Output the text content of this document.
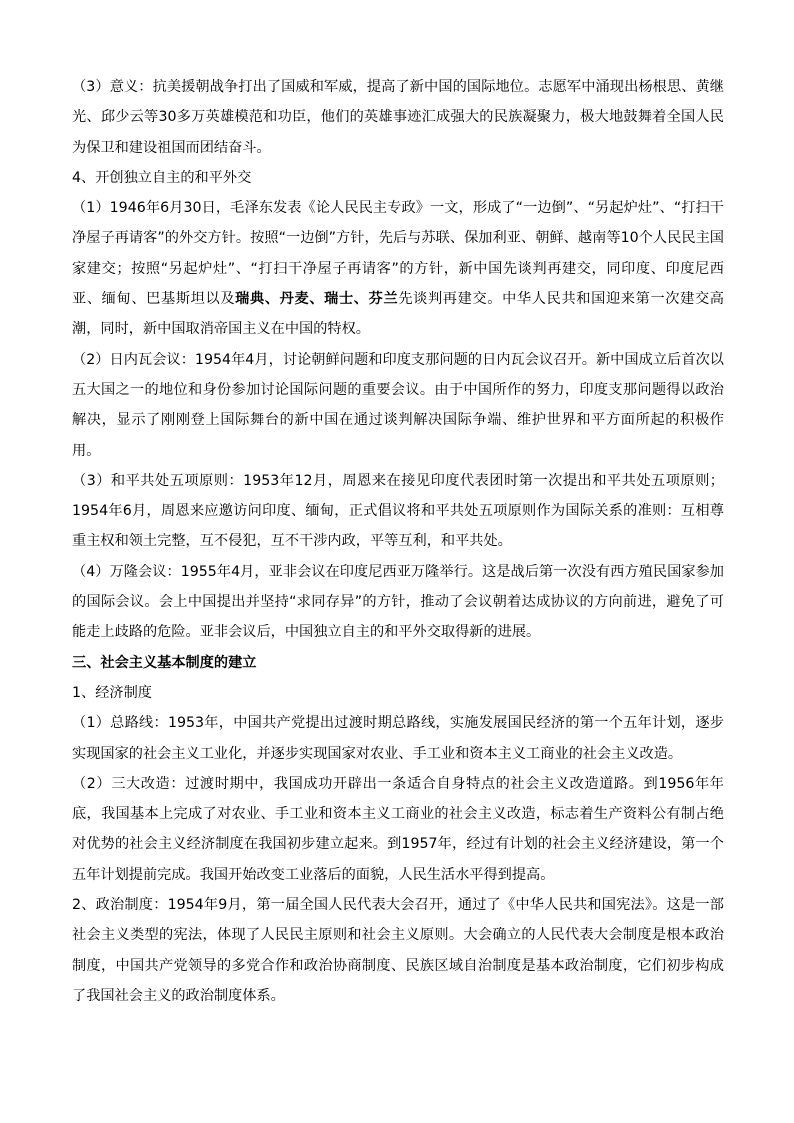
（3）意义：抗美援朝战争打出了国威和军威，提高了新中国的国际地位。志愿军中涌现出杨根思、黄继光、邱少云等30多万英雄模范和功臣，他们的英雄事迹汇成强大的民族凝聚力，极大地鼓舞着全国人民为保卫和建设祖国而团结奋斗。

4、开创独立自主的和平外交

（1）1946年6月30日，毛泽东发表《论人民民主专政》一文，形成了“一边倒”、“另起炉灶”、“打扫干净屋子再请客”的外交方针。按照“一边倒”方针，先后与苏联、保加利亚、朝鲜、越南等10个人民民主国家建交；按照“另起炉灶”、“打扫干净屋子再请客”的方针，新中国先谈判再建交，同印度、印度尼西亚、缅甸、巴基斯坦以及瑞典、丹麦、瑞士、芬兰先谈判再建交。中华人民共和国迎来第一次建交高潮，同时，新中国取消帝国主义在中国的特权。

（2）日内瓦会议：1954年4月，讨论朝鲜问题和印度支那问题的日内瓦会议召开。新中国成立后首次以五大国之一的地位和身份参加讨论国际问题的重要会议。由于中国所作的努力，印度支那问题得以政治解决，显示了刚刚登上国际舞台的新中国在通过谈判解决国际争端、维护世界和平方面所起的积极作用。

（3）和平共处五项原则：1953年12月，周恩来在接见印度代表团时第一次提出和平共处五项原则；1954年6月，周恩来应邀访问印度、缅甸，正式倡议将和平共处五项原则作为国际关系的准则：互相尊重主权和领土完整，互不侵犯，互不干涉内政，平等互利，和平共处。

（4）万隆会议：1955年4月，亚非会议在印度尼西亚万隆举行。这是战后第一次没有西方殖民国家参加的国际会议。会上中国提出并坚持“求同存异”的方针，推动了会议朝着达成协议的方向前进，避免了可能走上歧路的危险。亚非会议后，中国独立自主的和平外交取得新的进展。

三、社会主义基本制度的建立

1、经济制度

（1）总路线：1953年，中国共产党提出过渡时期总路线，实施发展国民经济的第一个五年计划，逐步实现国家的社会主义工业化，并逐步实现国家对农业、手工业和资本主义工商业的社会主义改造。

（2）三大改造：过渡时期中，我国成功开辟出一条适合自身特点的社会主义改造道路。到1956年年底，我国基本上完成了对农业、手工业和资本主义工商业的社会主义改造，标志着生产资料公有制占绝对优势的社会主义经济制度在我国初步建立起来。到1957年，经过有计划的社会主义经济建设，第一个五年计划提前完成。我国开始改变工业落后的面貌，人民生活水平得到提高。

2、政治制度：1954年9月，第一届全国人民代表大会召开，通过了《中华人民共和国宪法》。这是一部社会主义类型的宪法，体现了人民民主原则和社会主义原则。大会确立的人民代表大会制度是根本政治制度，中国共产党领导的多党合作和政治协商制度、民族区域自治制度是基本政治制度，它们初步构成了我国社会主义的政治制度体系。
